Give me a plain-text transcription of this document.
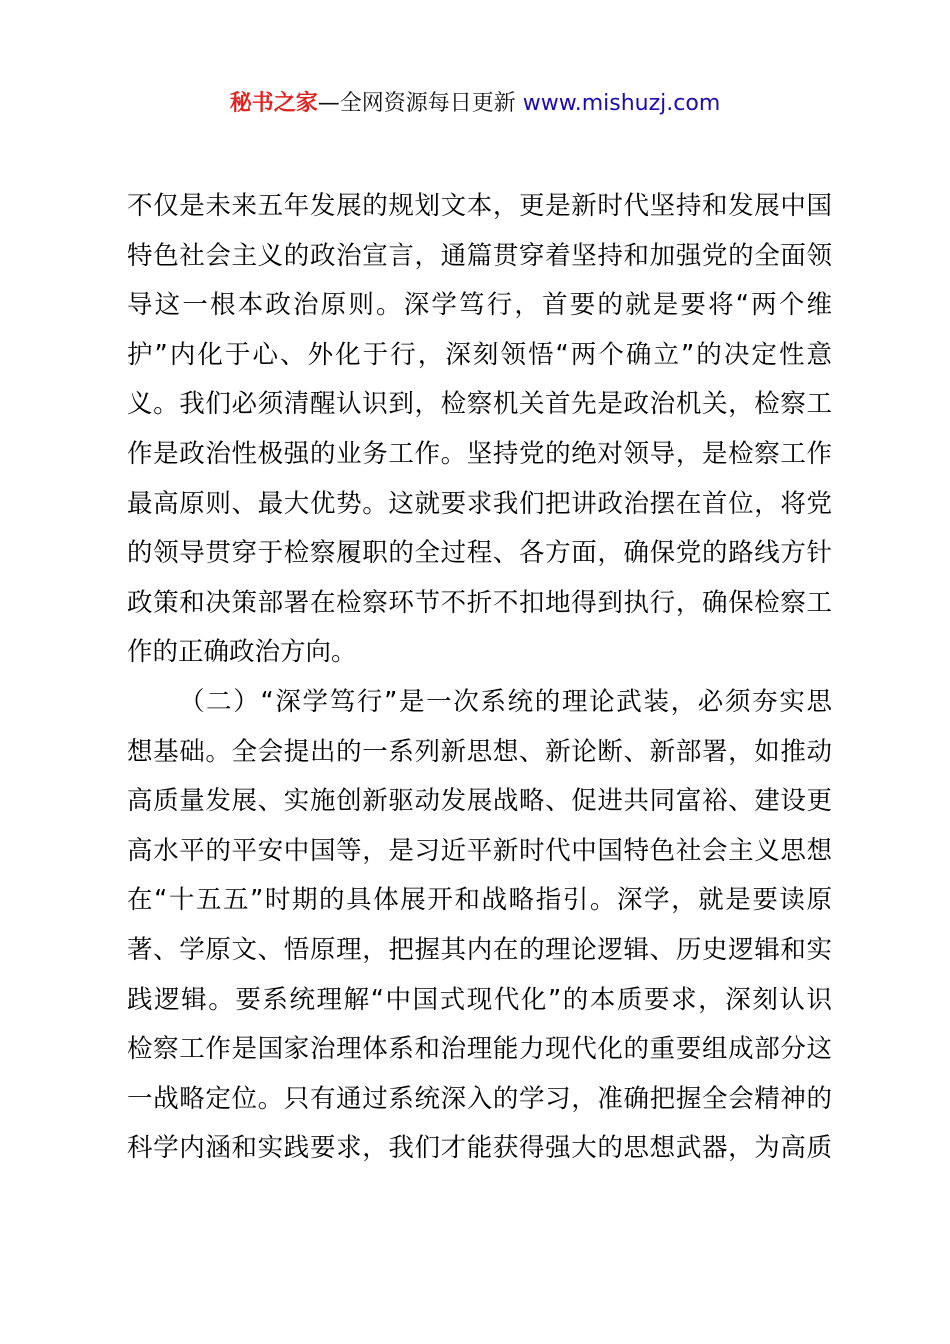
秘书之家—全网资源每日更新 www.mishuzj.com
不仅是未来五年发展的规划文本，更是新时代坚持和发展中国
特色社会主义的政治宣言，通篇贯穿着坚持和加强党的全面领
导这一根本政治原则。深学笃行，首要的就是要将“两个维
护”内化于心、外化于行，深刻领悟“两个确立”的决定性意
义。我们必须清醒认识到，检察机关首先是政治机关，检察工
作是政治性极强的业务工作。坚持党的绝对领导，是检察工作
最高原则、最大优势。这就要求我们把讲政治摆在首位，将党
的领导贯穿于检察履职的全过程、各方面，确保党的路线方针
政策和决策部署在检察环节不折不扣地得到执行，确保检察工
作的正确政治方向。
（二）“深学笃行”是一次系统的理论武装，必须夯实思
想基础。全会提出的一系列新思想、新论断、新部署，如推动
高质量发展、实施创新驱动发展战略、促进共同富裕、建设更
高水平的平安中国等，是习近平新时代中国特色社会主义思想
在“十五五”时期的具体展开和战略指引。深学，就是要读原
著、学原文、悟原理，把握其内在的理论逻辑、历史逻辑和实
践逻辑。要系统理解“中国式现代化”的本质要求，深刻认识
检察工作是国家治理体系和治理能力现代化的重要组成部分这
一战略定位。只有通过系统深入的学习，准确把握全会精神的
科学内涵和实践要求，我们才能获得强大的思想武器，为高质
